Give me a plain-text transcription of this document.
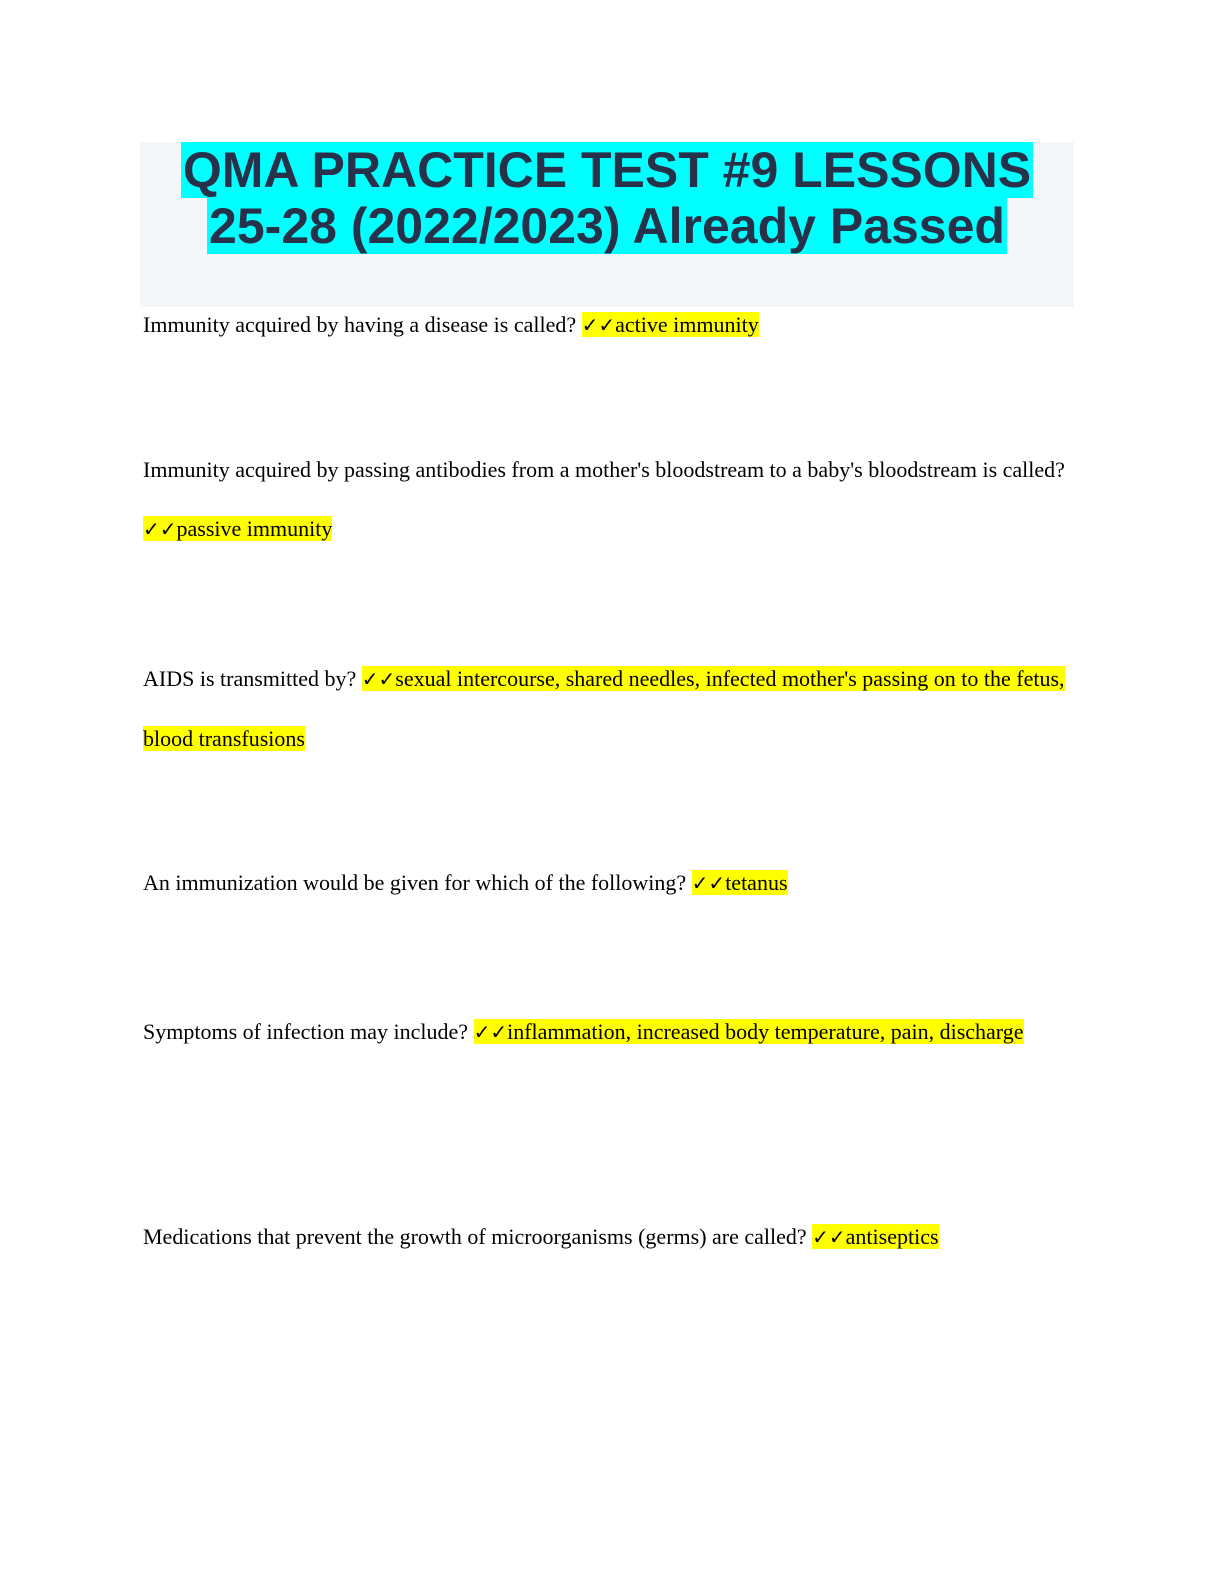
QMA PRACTICE TEST #9 LESSONS 25-28 (2022/2023) Already Passed

Immunity acquired by having a disease is called? ✓✓active immunity

Immunity acquired by passing antibodies from a mother's bloodstream to a baby's bloodstream is called? ✓✓passive immunity

AIDS is transmitted by? ✓✓sexual intercourse, shared needles, infected mother's passing on to the fetus, blood transfusions

An immunization would be given for which of the following? ✓✓tetanus

Symptoms of infection may include? ✓✓inflammation, increased body temperature, pain, discharge

Medications that prevent the growth of microorganisms (germs) are called? ✓✓antiseptics
